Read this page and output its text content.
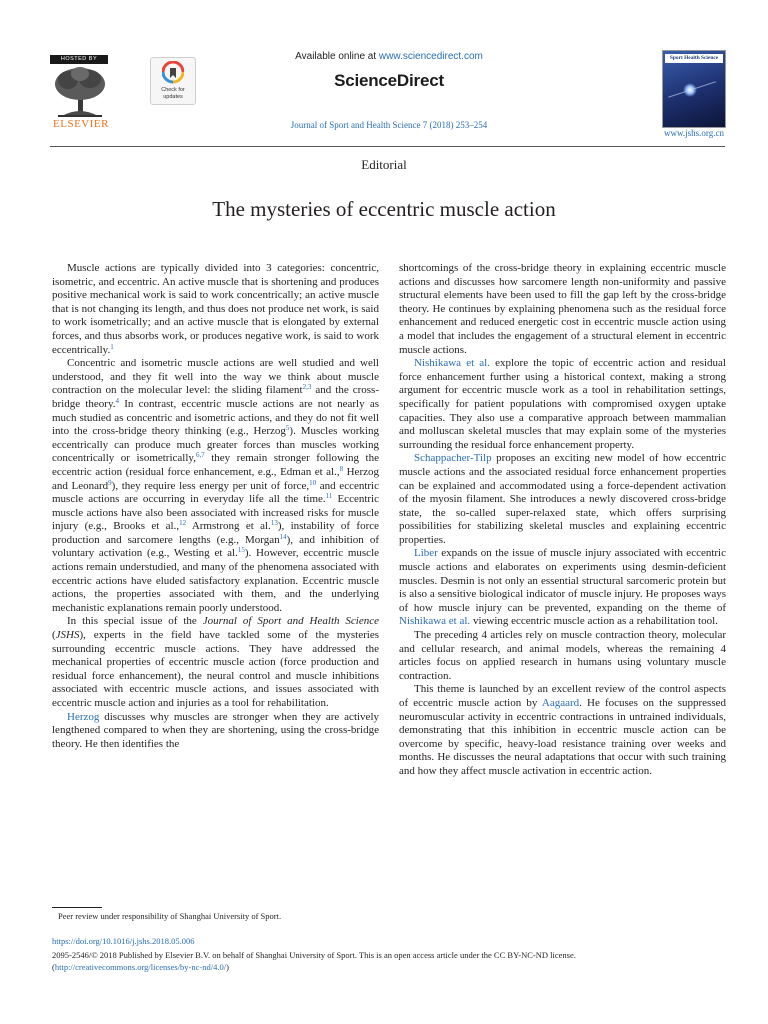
HOSTED BY
ELSEVIER
Check for updates
Available online at www.sciencedirect.com
ScienceDirect
Journal of Sport and Health Science 7 (2018) 253–254
Sport Health Science
www.jshs.org.cn
Editorial
The mysteries of eccentric muscle action

Muscle actions are typically divided into 3 categories: concentric, isometric, and eccentric. An active muscle that is shortening and produces positive mechanical work is said to work concentrically; an active muscle that is not changing its length, and thus does not produce net work, is said to work isometrically; and an active muscle that is elongated by external forces, and thus absorbs work, or produces negative work, is said to work eccentrically.$^1$

Concentric and isometric muscle actions are well studied and well understood, and they fit well into the way we think about muscle contraction on the molecular level: the sliding filament$^{2,3}$ and the cross-bridge theory.$^4$ In contrast, eccentric muscle actions are not nearly as much studied as concentric and isometric actions, and they do not fit well into the cross-bridge theory thinking (e.g., Herzog$^5$). Muscles working eccentrically can produce much greater forces than muscles working concentrically or isometrically,$^{6,7}$ they remain stronger following the eccentric action (residual force enhancement, e.g., Edman et al.,$^8$ Herzog and Leonard$^9$), they require less energy per unit of force,$^{10}$ and eccentric muscle actions are occurring in everyday life all the time.$^{11}$ Eccentric muscle actions have also been associated with increased risks for muscle injury (e.g., Brooks et al.,$^{12}$ Armstrong et al.$^{13}$), instability of force production and sarcomere lengths (e.g., Morgan$^{14}$), and inhibition of voluntary activation (e.g., Westing et al.$^{15}$). However, eccentric muscle actions remain understudied, and many of the phenomena associated with eccentric actions have eluded satisfactory explanation. Eccentric muscle actions, the properties associated with them, and the underlying mechanistic explanations remain poorly understood.

In this special issue of the Journal of Sport and Health Science (JSHS), experts in the field have tackled some of the mysteries surrounding eccentric muscle actions. They have addressed the mechanical properties of eccentric muscle action (force production and residual force enhancement), the neural control and muscle inhibitions associated with eccentric muscle actions, and issues associated with eccentric muscle action and injuries as a tool for rehabilitation.

Herzog discusses why muscles are stronger when they are actively lengthened compared to when they are shortening, using the cross-bridge theory. He then identifies the

shortcomings of the cross-bridge theory in explaining eccentric muscle actions and discusses how sarcomere length non-uniformity and passive structural elements have been used to fill the gap left by the cross-bridge theory. He continues by explaining phenomena such as the residual force enhancement and reduced energetic cost in eccentric muscle action using a model that includes the engagement of a structural element in eccentric muscle actions.

Nishikawa et al. explore the topic of eccentric action and residual force enhancement further using a historical context, making a strong argument for eccentric muscle work as a tool in rehabilitation settings, specifically for patient populations with compromised oxygen uptake capacities. They also use a comparative approach between mammalian and molluscan skeletal muscles that may explain some of the mysteries surrounding the residual force enhancement property.

Schappacher-Tilp proposes an exciting new model of how eccentric muscle actions and the associated residual force enhancement properties can be explained and accommodated using a force-dependent activation of the myosin filament. She introduces a newly discovered cross-bridge state, the so-called super-relaxed state, which offers surprising possibilities for stabilizing skeletal muscles and explaining eccentric properties.

Liber expands on the issue of muscle injury associated with eccentric muscle actions and elaborates on experiments using desmin-deficient muscles. Desmin is not only an essential structural sarcomeric protein but is also a sensitive biological indicator of muscle injury. He proposes ways of how muscle injury can be prevented, expanding on the theme of Nishikawa et al. viewing eccentric muscle action as a rehabilitation tool.

The preceding 4 articles rely on muscle contraction theory, molecular and cellular research, and animal models, whereas the remaining 4 articles focus on applied research in humans using voluntary muscle contraction.

This theme is launched by an excellent review of the control aspects of eccentric muscle action by Aagaard. He focuses on the suppressed neuromuscular activity in eccentric contractions in untrained individuals, demonstrating that this inhibition in eccentric muscle action can be overcome by specific, heavy-load resistance training over weeks and months. He discusses the neural adaptations that occur with such training and how they affect muscle activation in eccentric action.

Peer review under responsibility of Shanghai University of Sport.
https://doi.org/10.1016/j.jshs.2018.05.006
2095-2546/© 2018 Published by Elsevier B.V. on behalf of Shanghai University of Sport. This is an open access article under the CC BY-NC-ND license.
(http://creativecommons.org/licenses/by-nc-nd/4.0/)
